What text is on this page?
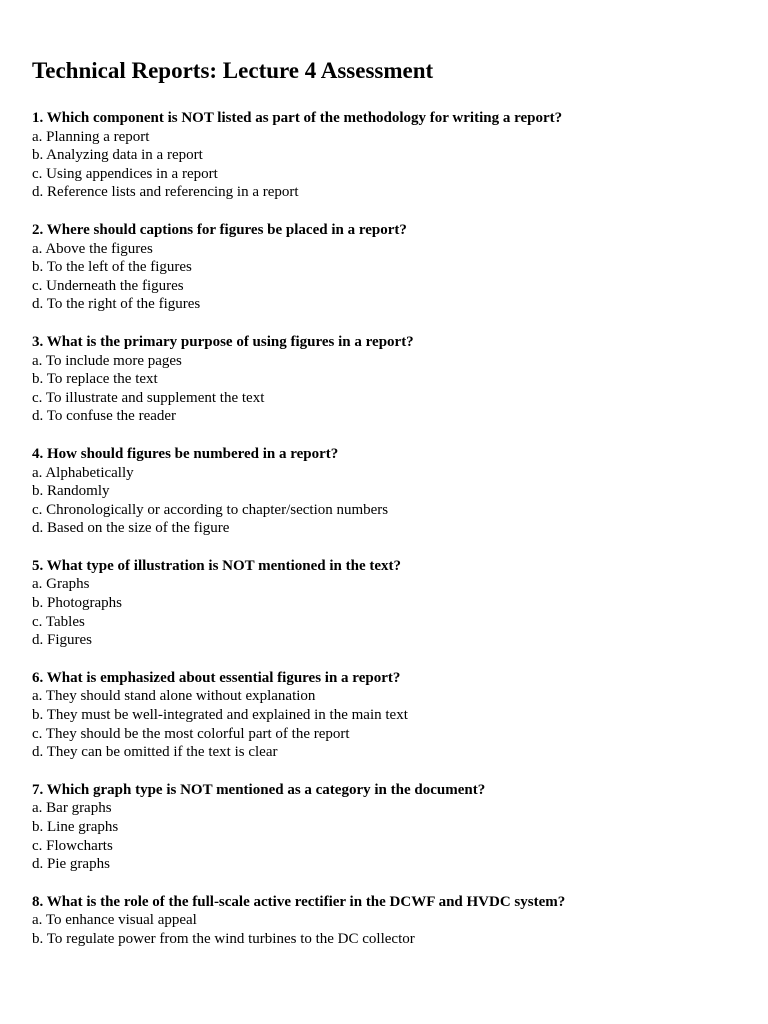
Technical Reports: Lecture 4 Assessment
1. Which component is NOT listed as part of the methodology for writing a report?
a. Planning a report
b. Analyzing data in a report
c. Using appendices in a report
d. Reference lists and referencing in a report
2. Where should captions for figures be placed in a report?
a. Above the figures
b. To the left of the figures
c. Underneath the figures
d. To the right of the figures
3. What is the primary purpose of using figures in a report?
a. To include more pages
b. To replace the text
c. To illustrate and supplement the text
d. To confuse the reader
4. How should figures be numbered in a report?
a. Alphabetically
b. Randomly
c. Chronologically or according to chapter/section numbers
d. Based on the size of the figure
5. What type of illustration is NOT mentioned in the text?
a. Graphs
b. Photographs
c. Tables
d. Figures
6. What is emphasized about essential figures in a report?
a. They should stand alone without explanation
b. They must be well-integrated and explained in the main text
c. They should be the most colorful part of the report
d. They can be omitted if the text is clear
7. Which graph type is NOT mentioned as a category in the document?
a. Bar graphs
b. Line graphs
c. Flowcharts
d. Pie graphs
8. What is the role of the full-scale active rectifier in the DCWF and HVDC system?
a. To enhance visual appeal
b. To regulate power from the wind turbines to the DC collector
